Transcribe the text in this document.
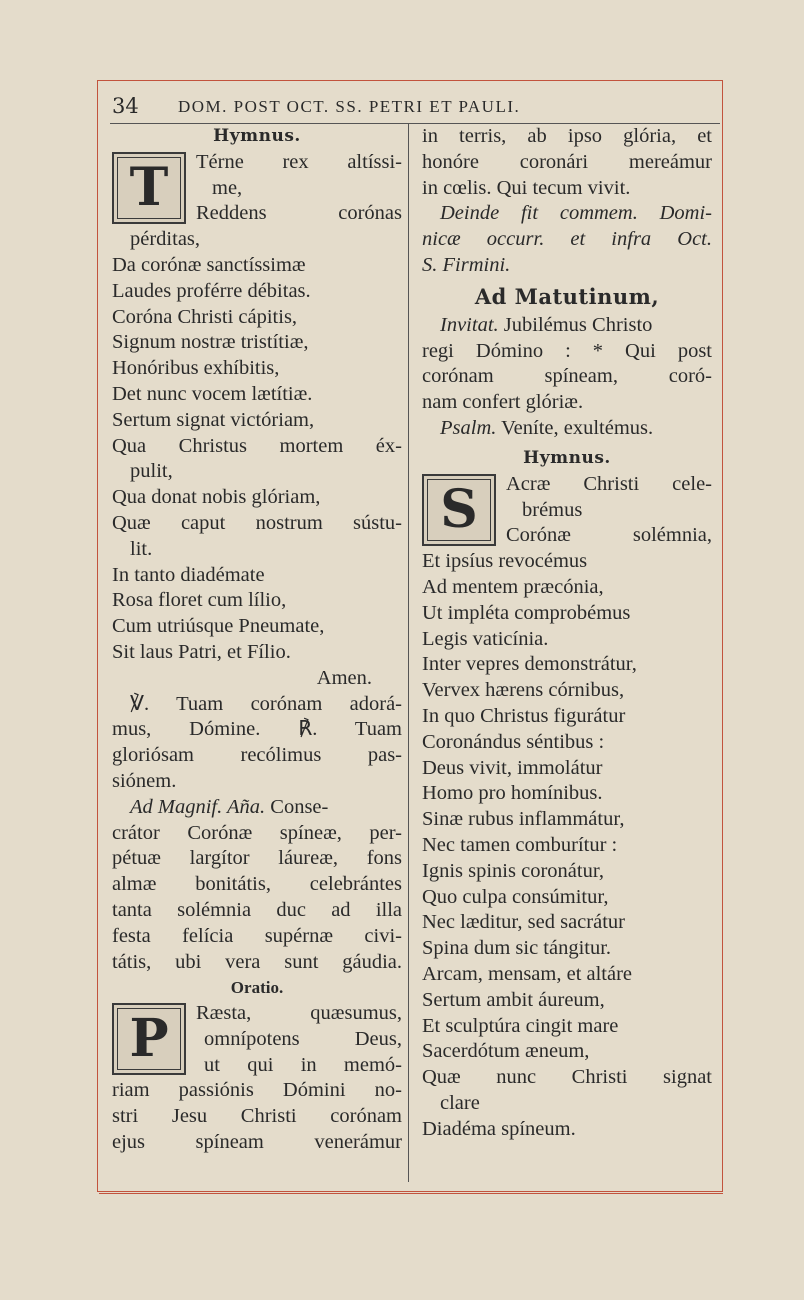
34 DOM. POST OCT. SS. PETRI ET PAULI.
Hymnus.
T	Térne rex altíssi-
me,
Reddens corónas
pérditas,
Da corónæ sanctíssimæ
Laudes proférre débitas.
Coróna Christi cápitis,
Signum nostræ tristítiæ,
Honóribus exhíbitis,
Det nunc vocem lætítiæ.
Sertum signat victóriam,
Qua Christus mortem éx-
pulit,
Qua donat nobis glóriam,
Quæ caput nostrum sústu-
lit.
In tanto diadémate
Rosa floret cum lílio,
Cum utriúsque Pneumate,
Sit laus Patri, et Fílio.
Amen.
℣. Tuam corónam adorá-
mus, Dómine. ℟. Tuam
gloriósam recólimus pas-
siónem.
Ad Magnif. Aña. Conse-
crátor Corónæ spíneæ, per-
pétuæ largítor láureæ, fons
almæ bonitátis, celebrántes
tanta solémnia duc ad illa
festa felícia supérnæ civi-
tátis, ubi vera sunt gáudia.
Oratio.
P	Ræsta, quæsumus,
omnípotens Deus,
ut qui in memó-
riam passiónis Dómini no-
stri Jesu Christi corónam
ejus spíneam venerámur
in terris, ab ipso glória, et
honóre coronári mereámur
in cœlis. Qui tecum vivit.
Deinde fit commem. Domi-
nicæ occurr. et infra Oct.
S. Firmini.
Ad Matutinum,
Invitat. Jubilémus Christo
regi Dómino : * Qui post
corónam spíneam, coró-
nam confert glóriæ.
Psalm. Veníte, exultémus.
Hymnus.
S	Acræ Christi cele-
brémus
Corónæ solémnia,
Et ipsíus revocémus
Ad mentem præcónia,
Ut impléta comprobémus
Legis vaticínia.
Inter vepres demonstrátur,
Vervex hærens córnibus,
In quo Christus figurátur
Coronándus séntibus :
Deus vivit, immolátur
Homo pro homínibus.
Sinæ rubus inflammátur,
Nec tamen comburítur :
Ignis spinis coronátur,
Quo culpa consúmitur,
Nec læditur, sed sacrátur
Spina dum sic tángitur.
Arcam, mensam, et altáre
Sertum ambit áureum,
Et sculptúra cingit mare
Sacerdótum æneum,
Quæ nunc Christi signat
clare
Diadéma spíneum.
